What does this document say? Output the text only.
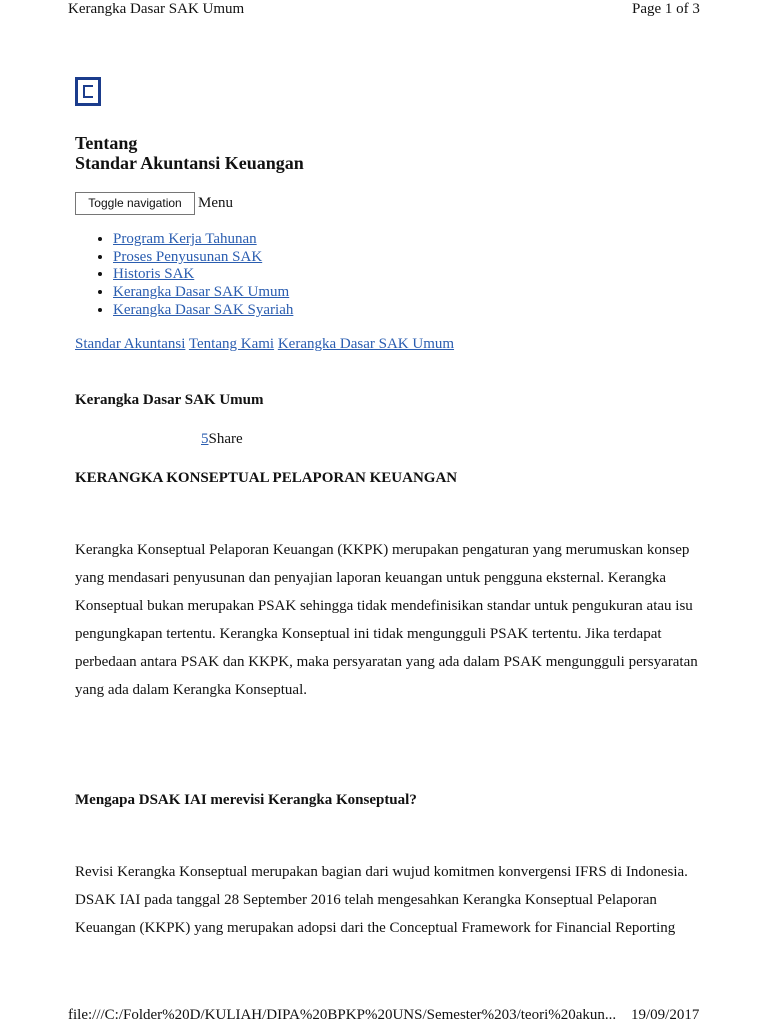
Kerangka Dasar SAK Umum	Page 1 of 3
Tentang
Standar Akuntansi Keuangan
Toggle navigation	Menu
• Program Kerja Tahunan
• Proses Penyusunan SAK
• Historis SAK
• Kerangka Dasar SAK Umum
• Kerangka Dasar SAK Syariah
Standar Akuntansi Tentang Kami Kerangka Dasar SAK Umum
Kerangka Dasar SAK Umum
5Share
KERANGKA KONSEPTUAL PELAPORAN KEUANGAN

Kerangka Konseptual Pelaporan Keuangan (KKPK) merupakan pengaturan yang merumuskan konsep yang mendasari penyusunan dan penyajian laporan keuangan untuk pengguna eksternal. Kerangka Konseptual bukan merupakan PSAK sehingga tidak mendefinisikan standar untuk pengukuran atau isu pengungkapan tertentu. Kerangka Konseptual ini tidak mengungguli PSAK tertentu. Jika terdapat perbedaan antara PSAK dan KKPK, maka persyaratan yang ada dalam PSAK mengungguli persyaratan yang ada dalam Kerangka Konseptual.

Mengapa DSAK IAI merevisi Kerangka Konseptual?

Revisi Kerangka Konseptual merupakan bagian dari wujud komitmen konvergensi IFRS di Indonesia. DSAK IAI pada tanggal 28 September 2016 telah mengesahkan Kerangka Konseptual Pelaporan Keuangan (KKPK) yang merupakan adopsi dari the Conceptual Framework for Financial Reporting

file:///C:/Folder%20D/KULIAH/DIPA%20BPKP%20UNS/Semester%203/teori%20akun... 19/09/2017
